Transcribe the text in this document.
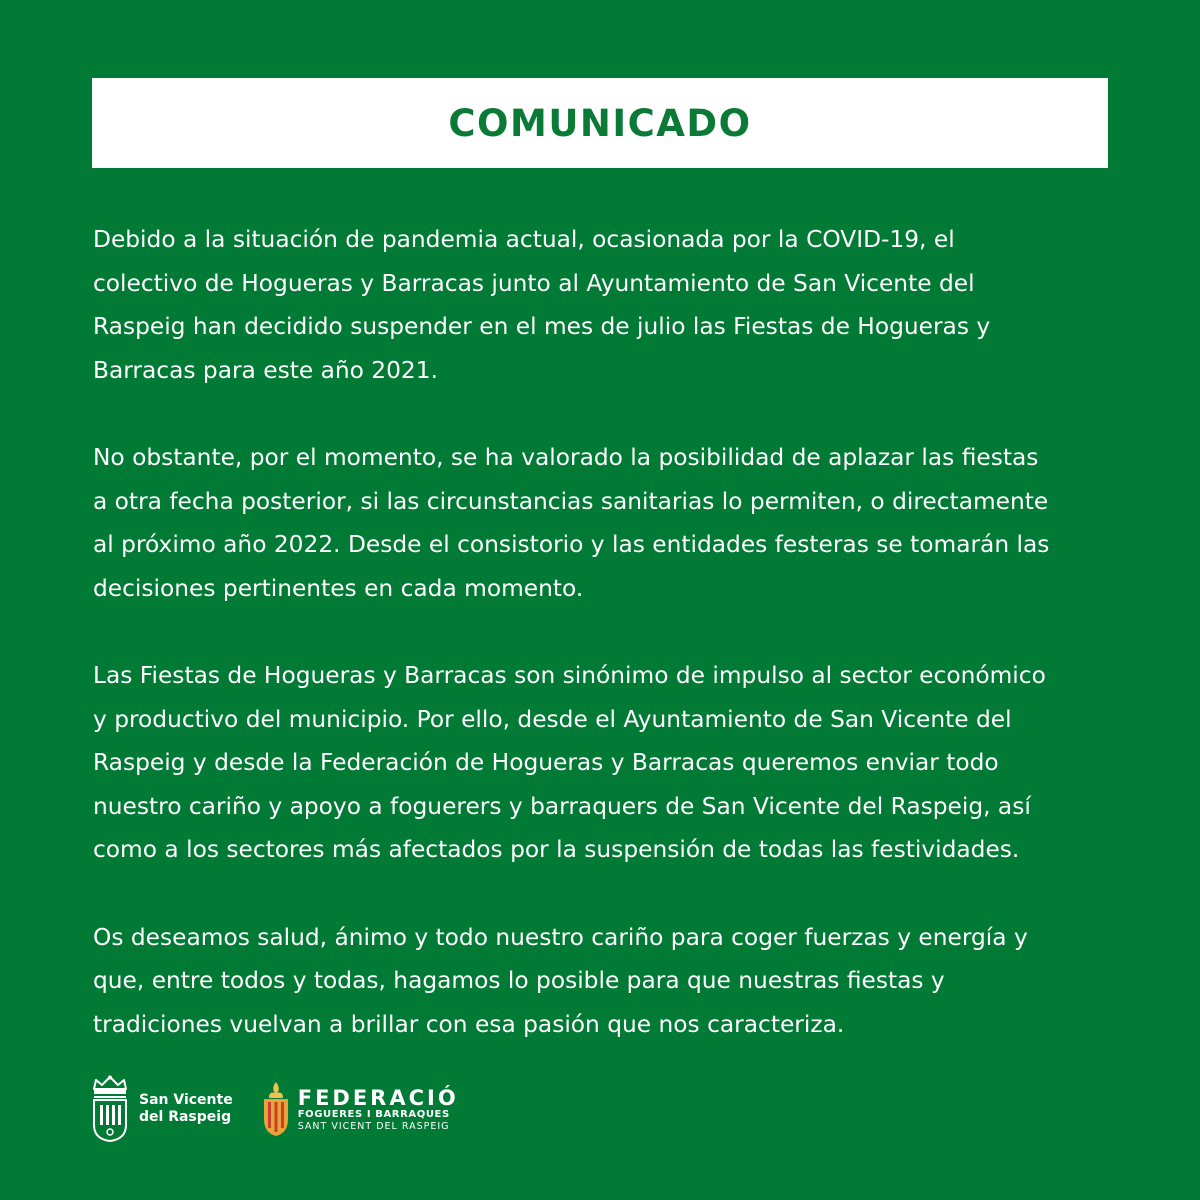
COMUNICADO

Debido a la situación de pandemia actual, ocasionada por la COVID-19, el
colectivo de Hogueras y Barracas junto al Ayuntamiento de San Vicente del
Raspeig han decidido suspender en el mes de julio las Fiestas de Hogueras y
Barracas para este año 2021.

No obstante, por el momento, se ha valorado la posibilidad de aplazar las fiestas
a otra fecha posterior, si las circunstancias sanitarias lo permiten, o directamente
al próximo año 2022. Desde el consistorio y las entidades festeras se tomarán las
decisiones pertinentes en cada momento.

Las Fiestas de Hogueras y Barracas son sinónimo de impulso al sector económico
y productivo del municipio. Por ello, desde el Ayuntamiento de San Vicente del
Raspeig y desde la Federación de Hogueras y Barracas queremos enviar todo
nuestro cariño y apoyo a foguerers y barraquers de San Vicente del Raspeig, así
como a los sectores más afectados por la suspensión de todas las festividades.

Os deseamos salud, ánimo y todo nuestro cariño para coger fuerzas y energía y
que, entre todos y todas, hagamos lo posible para que nuestras fiestas y
tradiciones vuelvan a brillar con esa pasión que nos caracteriza.

San Vicente
del Raspeig
FEDERACIÓ
FOGUERES I BARRAQUES
SANT VICENT DEL RASPEIG
